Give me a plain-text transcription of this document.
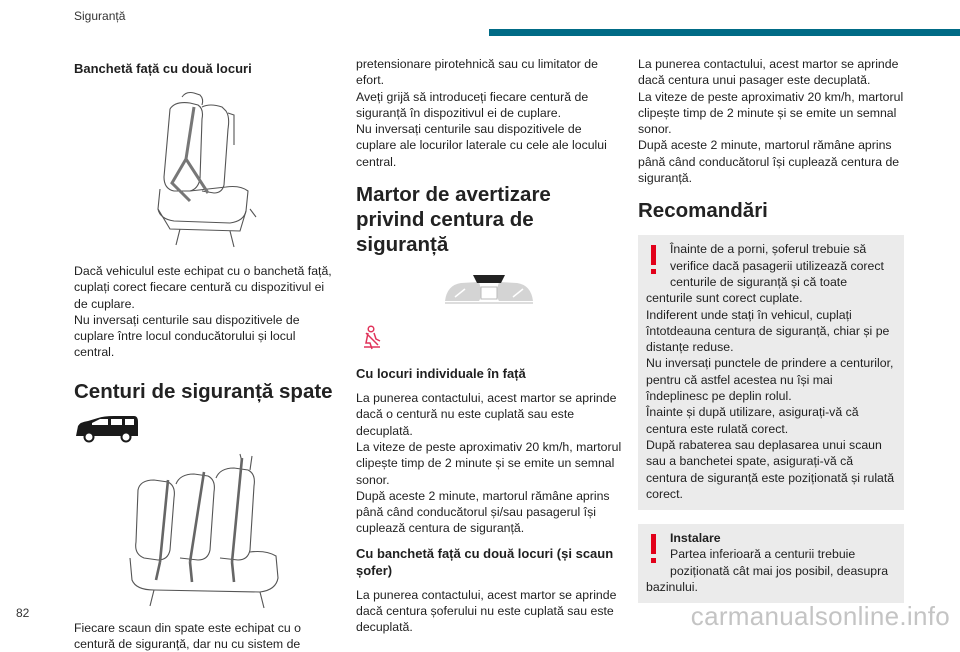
Siguranță
Banchetă față cu două locuri

Dacă vehiculul este echipat cu o banchetă față, cuplați corect fiecare centură cu dispozitivul ei de cuplare.
Nu inversați centurile sau dispozitivele de cuplare între locul conducătorului și locul central.

Centuri de siguranță spate

Fiecare scaun din spate este echipat cu o centură de siguranță, dar nu cu sistem de

pretensionare pirotehnică sau cu limitator de efort.
Aveți grijă să introduceți fiecare centură de siguranță în dispozitivul ei de cuplare.
Nu inversați centurile sau dispozitivele de cuplare ale locurilor laterale cu cele ale locului central.

Martor de avertizare privind centura de siguranță
Cu locuri individuale în față

La punerea contactului, acest martor se aprinde dacă o centură nu este cuplată sau este decuplată.
La viteze de peste aproximativ 20 km/h, martorul clipește timp de 2 minute și se emite un semnal sonor.
După aceste 2 minute, martorul rămâne aprins până când conducătorul și/sau pasagerul își cuplează centura de siguranță.

Cu banchetă față cu două locuri (și scaun șofer)

La punerea contactului, acest martor se aprinde dacă centura șoferului nu este cuplată sau este decuplată.

La punerea contactului, acest martor se aprinde dacă centura unui pasager este decuplată.
La viteze de peste aproximativ 20 km/h, martorul clipește timp de 2 minute și se emite un semnal sonor.
După aceste 2 minute, martorul rămâne aprins până când conducătorul își cuplează centura de siguranță.

Recomandări

Înainte de a porni, șoferul trebuie să verifice dacă pasagerii utilizează corect centurile de siguranță și că toate centurile sunt corect cuplate.
Indiferent unde stați în vehicul, cuplați întotdeauna centura de siguranță, chiar și pe distanțe reduse.
Nu inversați punctele de prindere a centurilor, pentru că astfel acestea nu își mai îndeplinesc pe deplin rolul.
Înainte și după utilizare, asigurați-vă că centura este rulată corect.
După rabaterea sau deplasarea unui scaun sau a banchetei spate, asigurați-vă că centura de siguranță este poziționată și rulată corect.

Instalare

Partea inferioară a centurii trebuie poziționată cât mai jos posibil, deasupra bazinului.

82	carmanualsonline.info
